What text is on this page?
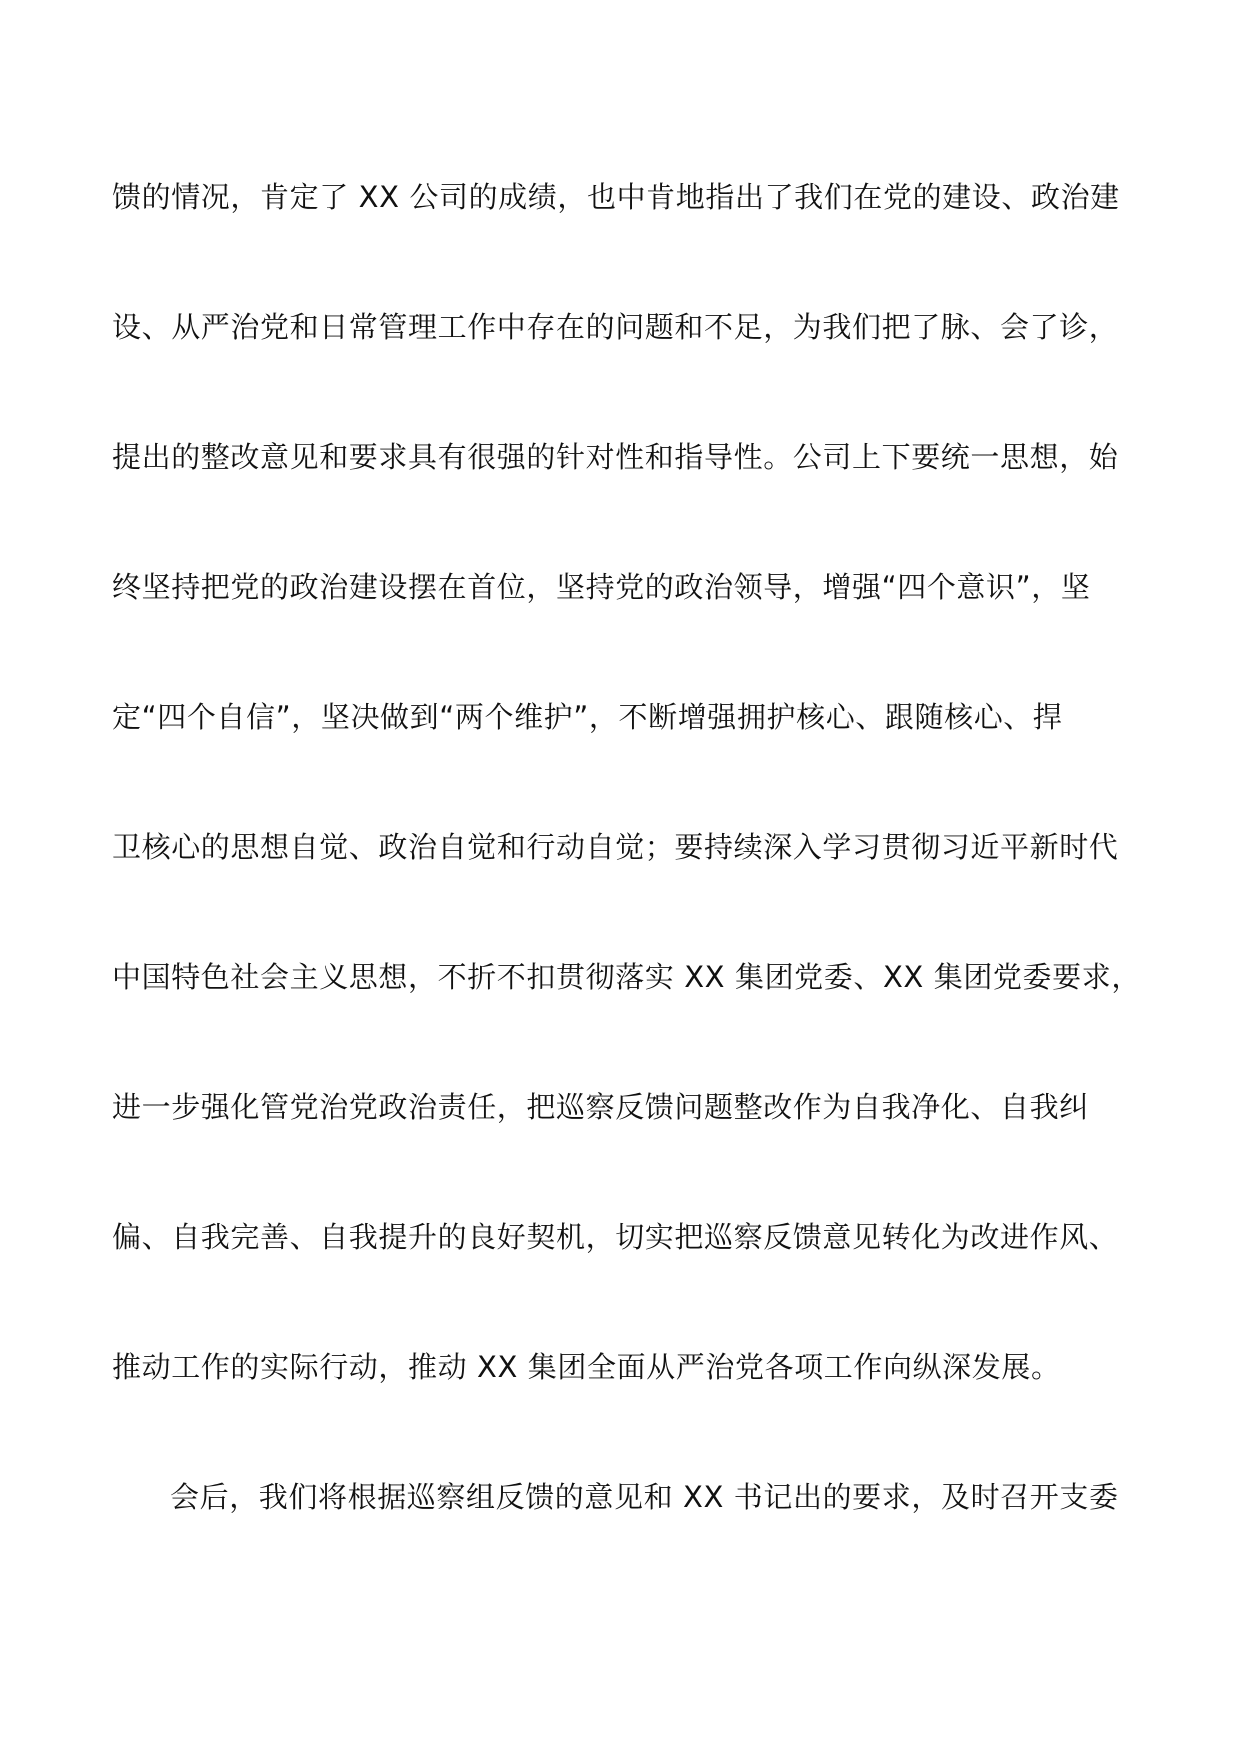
馈的情况，肯定了 XX 公司的成绩，也中肯地指出了我们在党的建设、政治建
设、从严治党和日常管理工作中存在的问题和不足，为我们把了脉、会了诊，
提出的整改意见和要求具有很强的针对性和指导性。公司上下要统一思想，始
终坚持把党的政治建设摆在首位，坚持党的政治领导，增强“四个意识”，坚
定“四个自信”，坚决做到“两个维护”，不断增强拥护核心、跟随核心、捍
卫核心的思想自觉、政治自觉和行动自觉；要持续深入学习贯彻习近平新时代
中国特色社会主义思想，不折不扣贯彻落实 XX 集团党委、XX 集团党委要求，
进一步强化管党治党政治责任，把巡察反馈问题整改作为自我净化、自我纠
偏、自我完善、自我提升的良好契机，切实把巡察反馈意见转化为改进作风、
推动工作的实际行动，推动 XX 集团全面从严治党各项工作向纵深发展。
会后，我们将根据巡察组反馈的意见和 XX 书记出的要求，及时召开支委
